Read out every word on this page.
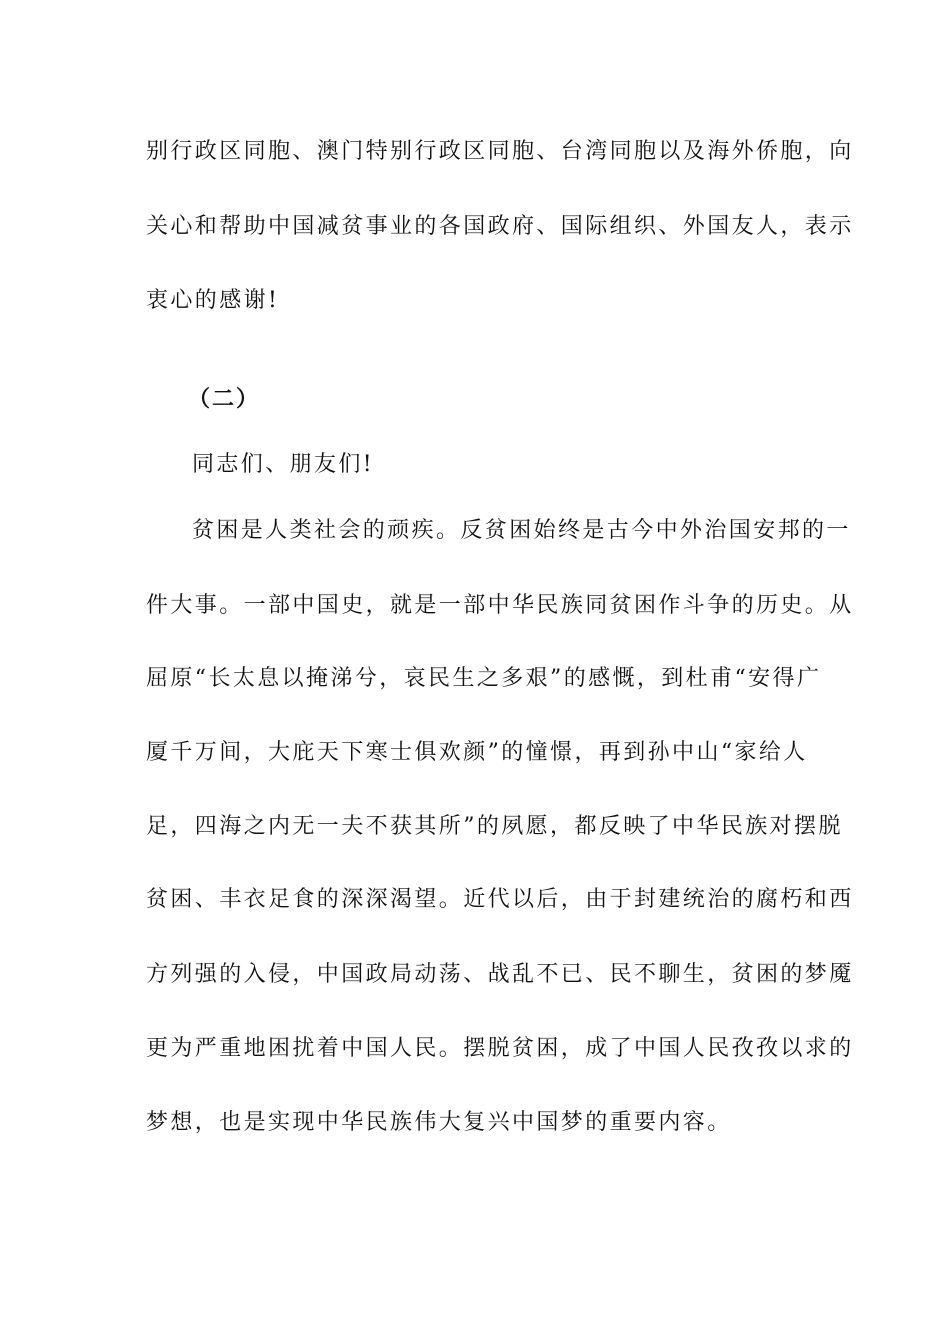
别行政区同胞、澳门特别行政区同胞、台湾同胞以及海外侨胞，向
关心和帮助中国减贫事业的各国政府、国际组织、外国友人，表示
衷心的感谢!
（二）
同志们、朋友们!
贫困是人类社会的顽疾。反贫困始终是古今中外治国安邦的一
件大事。一部中国史，就是一部中华民族同贫困作斗争的历史。从
屈原“长太息以掩涕兮，哀民生之多艰”的感慨，到杜甫“安得广
厦千万间，大庇天下寒士俱欢颜”的憧憬，再到孙中山“家给人
足，四海之内无一夫不获其所”的夙愿，都反映了中华民族对摆脱
贫困、丰衣足食的深深渴望。近代以后，由于封建统治的腐朽和西
方列强的入侵，中国政局动荡、战乱不已、民不聊生，贫困的梦魇
更为严重地困扰着中国人民。摆脱贫困，成了中国人民孜孜以求的
梦想，也是实现中华民族伟大复兴中国梦的重要内容。
